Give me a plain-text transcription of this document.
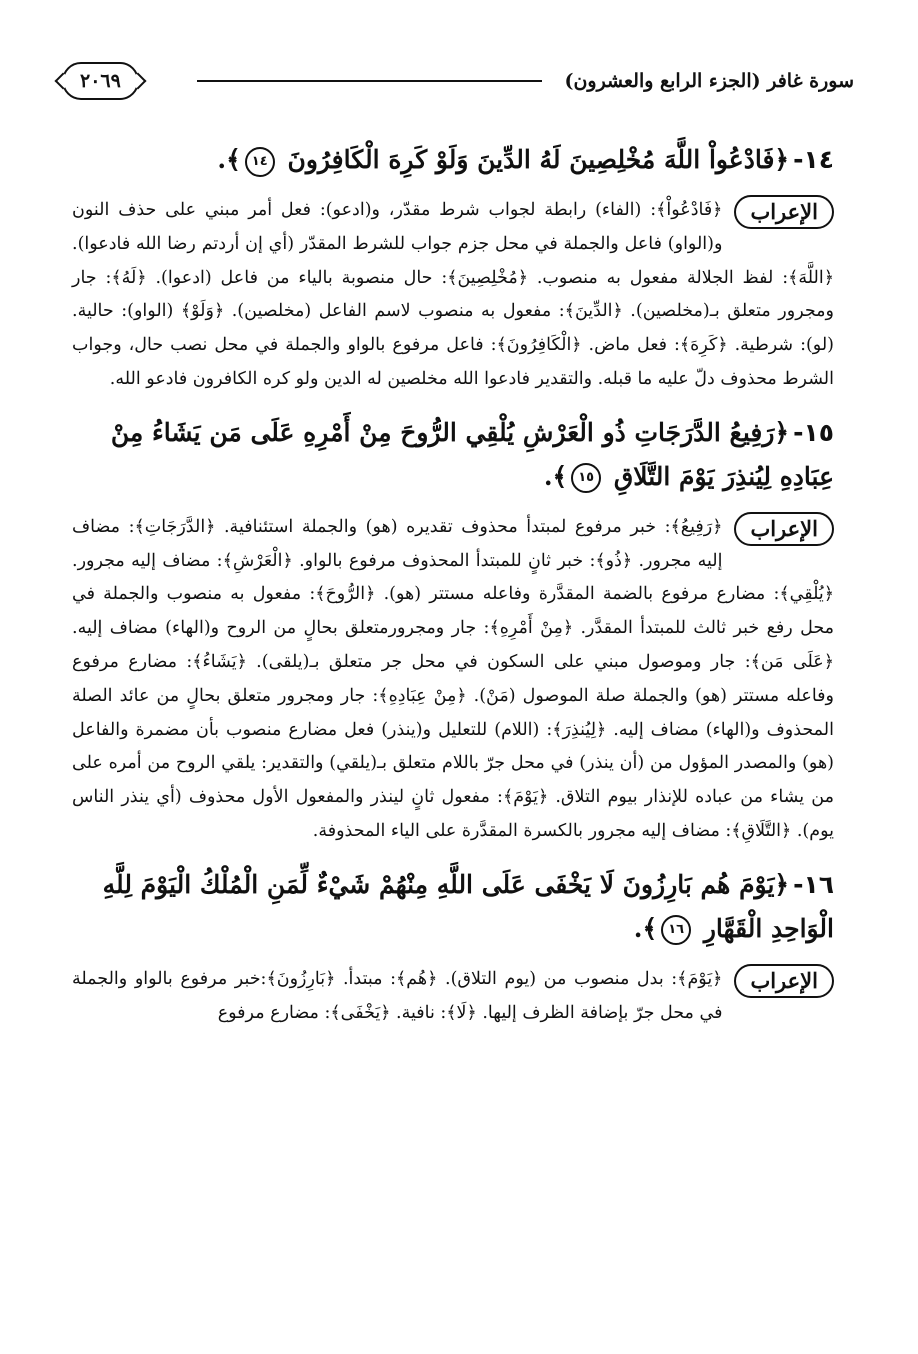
سورة غافر (الجزء الرابع والعشرون)
٢٠٦٩
١٤-﴿فَادْعُواْ اللَّهَ مُخْلِصِينَ لَهُ الدِّينَ وَلَوْ كَرِهَ الْكَافِرُونَ ١٤﴾.
الإعراب
﴿فَادْعُواْ﴾: (الفاء) رابطة لجواب شرط مقدّر، و(ادعو): فعل أمر مبني على حذف النون و(الواو) فاعل والجملة في محل جزم جواب للشرط المقدّر (أي إن أردتم رضا الله فادعوا). ﴿اللَّهَ﴾: لفظ الجلالة مفعول به منصوب. ﴿مُخْلِصِينَ﴾: حال منصوبة بالياء من فاعل (ادعوا). ﴿لَهُ﴾: جار ومجرور متعلق بـ(مخلصين). ﴿الدِّينَ﴾: مفعول به منصوب لاسم الفاعل (مخلصين). ﴿وَلَوْ﴾ (الواو): حالية. (لو): شرطية. ﴿كَرِهَ﴾: فعل ماض. ﴿الْكَافِرُونَ﴾: فاعل مرفوع بالواو والجملة في محل نصب حال، وجواب الشرط محذوف دلّ عليه ما قبله. والتقدير فادعوا الله مخلصين له الدين ولو كره الكافرون فادعو الله.
١٥-﴿رَفِيعُ الدَّرَجَاتِ ذُو الْعَرْشِ يُلْقِي الرُّوحَ مِنْ أَمْرِهِ عَلَى مَن يَشَاءُ مِنْ عِبَادِهِ لِيُنذِرَ يَوْمَ التَّلَاقِ ١٥﴾.
الإعراب
﴿رَفِيعُ﴾: خبر مرفوع لمبتدأ محذوف تقديره (هو) والجملة استئنافية. ﴿الدَّرَجَاتِ﴾: مضاف إليه مجرور. ﴿ذُو﴾: خبر ثانٍ للمبتدأ المحذوف مرفوع بالواو. ﴿الْعَرْشِ﴾: مضاف إليه مجرور. ﴿يُلْقِي﴾: مضارع مرفوع بالضمة المقدَّرة وفاعله مستتر (هو). ﴿الرُّوحَ﴾: مفعول به منصوب والجملة في محل رفع خبر ثالث للمبتدأ المقدَّر. ﴿مِنْ أَمْرِهِ﴾: جار ومجرورمتعلق بحالٍ من الروح و(الهاء) مضاف إليه. ﴿عَلَى مَن﴾: جار وموصول مبني على السكون في محل جر متعلق بـ(يلقى). ﴿يَشَاءُ﴾: مضارع مرفوع وفاعله مستتر (هو) والجملة صلة الموصول (مَنْ). ﴿مِنْ عِبَادِهِ﴾: جار ومجرور متعلق بحالٍ من عائد الصلة المحذوف و(الهاء) مضاف إليه. ﴿لِيُنذِرَ﴾: (اللام) للتعليل و(ينذر) فعل مضارع منصوب بأن مضمرة والفاعل (هو) والمصدر المؤول من (أن ينذر) في محل جرّ باللام متعلق بـ(يلقي) والتقدير: يلقي الروح من أمره على من يشاء من عباده للإنذار بيوم التلاق. ﴿يَوْمَ﴾: مفعول ثانٍ لينذر والمفعول الأول محذوف (أي ينذر الناس يوم). ﴿التَّلَاقِ﴾: مضاف إليه مجرور بالكسرة المقدَّرة على الياء المحذوفة.
١٦-﴿يَوْمَ هُم بَارِزُونَ لَا يَخْفَى عَلَى اللَّهِ مِنْهُمْ شَيْءٌ لِّمَنِ الْمُلْكُ الْيَوْمَ لِلَّهِ الْوَاحِدِ الْقَهَّارِ ١٦﴾.
الإعراب
﴿يَوْمَ﴾: بدل منصوب من (يوم التلاق). ﴿هُم﴾: مبتدأ. ﴿بَارِزُونَ﴾:خبر مرفوع بالواو والجملة في محل جرّ بإضافة الظرف إليها. ﴿لَا﴾: نافية. ﴿يَخْفَى﴾: مضارع مرفوع
